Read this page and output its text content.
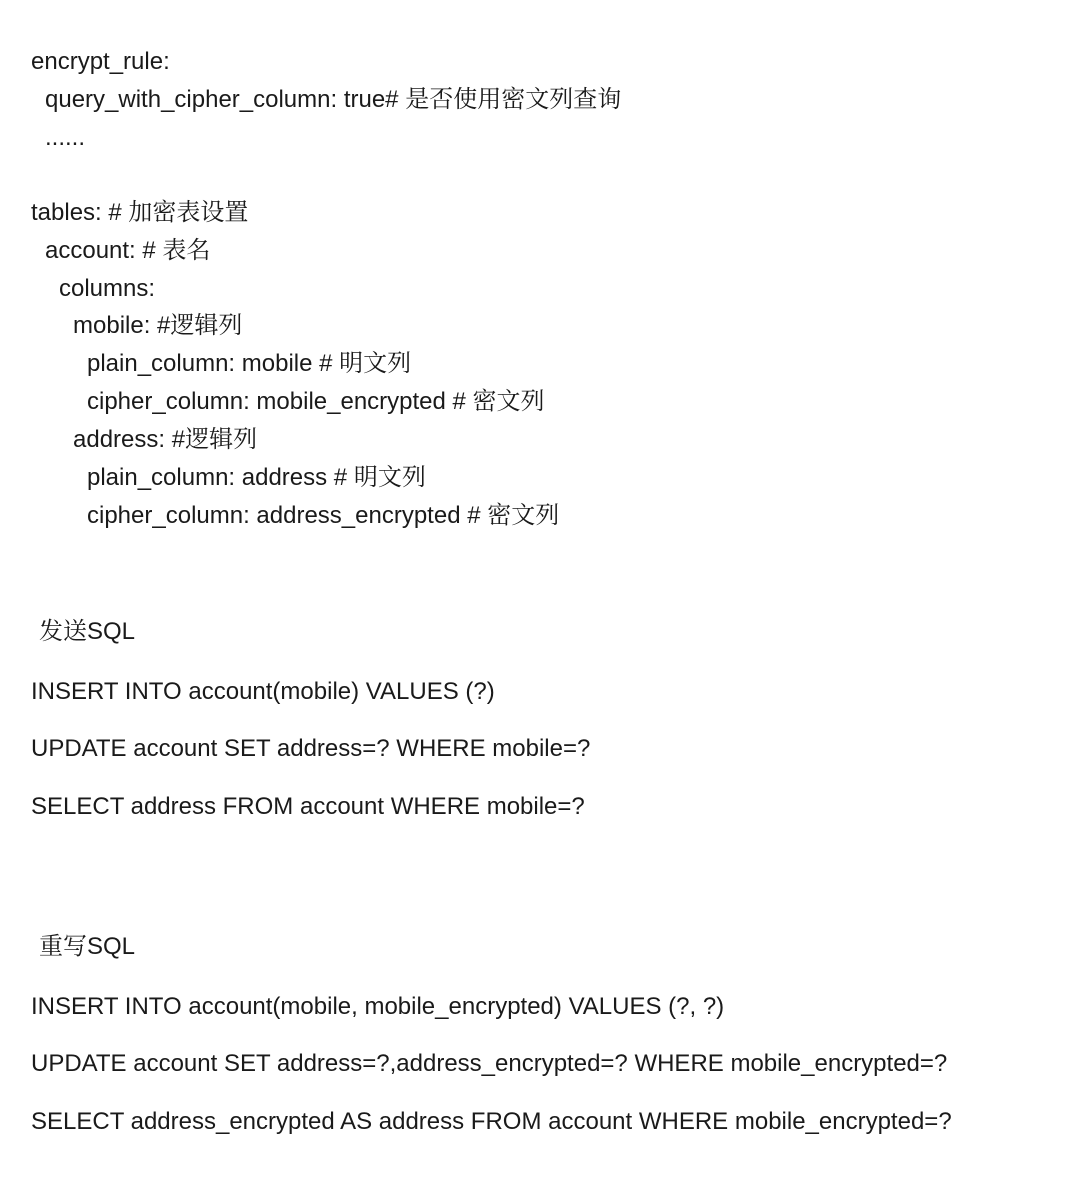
encrypt_rule:

query_with_cipher_column: true# 是否使用密文列查询

......

tables: # 加密表设置

account: # 表名

columns:

mobile: #逻辑列

plain_column: mobile # 明文列

cipher_column: mobile_encrypted # 密文列

address: #逻辑列

plain_column: address # 明文列

cipher_column: address_encrypted # 密文列

发送SQL

INSERT INTO account(mobile) VALUES (?)

UPDATE account SET address=? WHERE mobile=?

SELECT address FROM account WHERE mobile=?

重写SQL

INSERT INTO account(mobile, mobile_encrypted) VALUES (?, ?)

UPDATE account SET address=?,address_encrypted=? WHERE mobile_encrypted=?

SELECT address_encrypted AS address FROM account WHERE mobile_encrypted=?
